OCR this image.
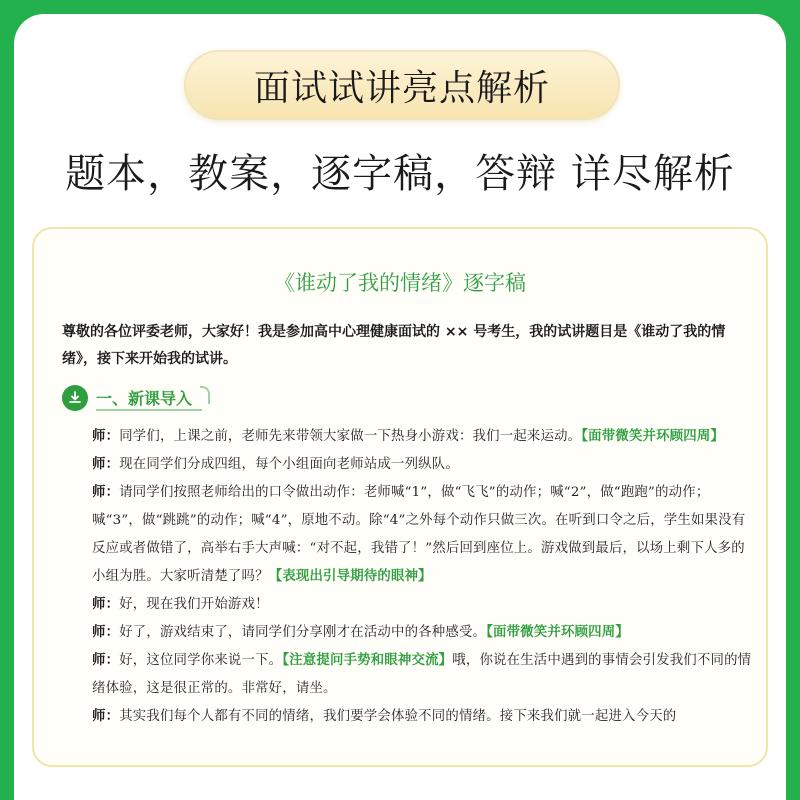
面试试讲亮点解析
题本，教案，逐字稿，答辩 详尽解析
《谁动了我的情绪》逐字稿
尊敬的各位评委老师，大家好！我是参加高中心理健康面试的 ×× 号考生，我的试讲题目是《谁动了我的情绪》，接下来开始我的试讲。
一、新课导入

师：同学们，上课之前，老师先来带领大家做一下热身小游戏：我们一起来运动。【面带微笑并环顾四周】

师：现在同学们分成四组，每个小组面向老师站成一列纵队。

师：请同学们按照老师给出的口令做出动作：老师喊“1”，做“飞飞”的动作；喊“2”，做“跑跑”的动作；喊“3”，做“跳跳”的动作；喊“4”，原地不动。除“4”之外每个动作只做三次。在听到口令之后，学生如果没有反应或者做错了，高举右手大声喊：“对不起，我错了！”然后回到座位上。游戏做到最后，以场上剩下人多的小组为胜。大家听清楚了吗？【表现出引导期待的眼神】

师：好，现在我们开始游戏！

师：好了，游戏结束了，请同学们分享刚才在活动中的各种感受。【面带微笑并环顾四周】

师：好，这位同学你来说一下。【注意提问手势和眼神交流】哦，你说在生活中遇到的事情会引发我们不同的情绪体验，这是很正常的。非常好，请坐。

师：其实我们每个人都有不同的情绪，我们要学会体验不同的情绪。接下来我们就一起进入今天的
